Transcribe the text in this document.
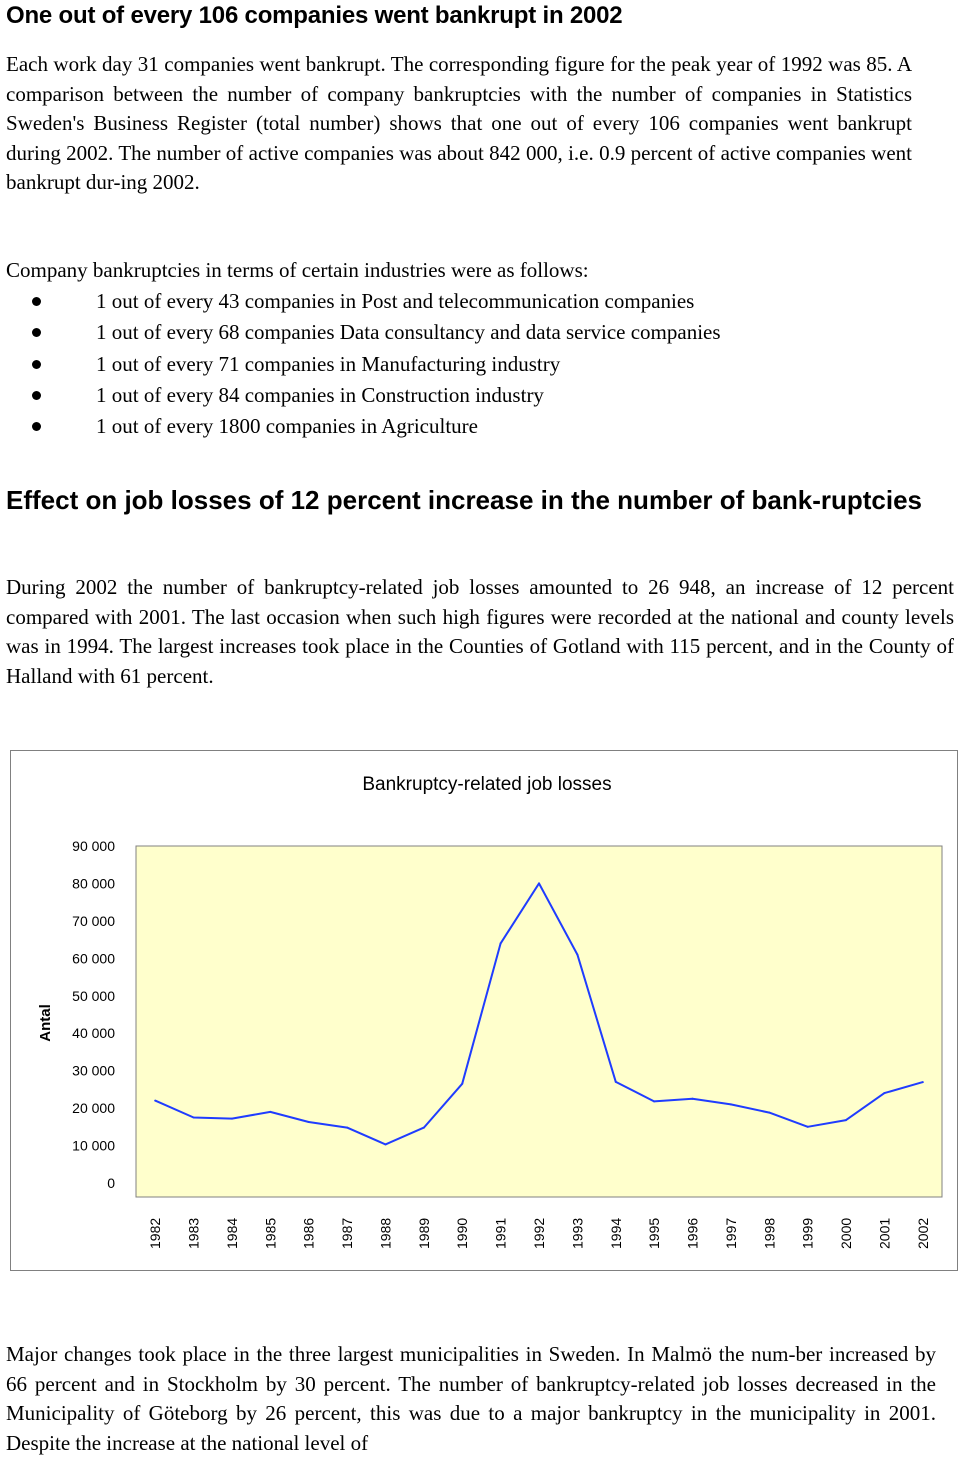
One out of every 106 companies went bankrupt in 2002

Each work day 31 companies went bankrupt. The corresponding figure for the peak year of 1992 was 85. A comparison between the number of company bankruptcies with the number of companies in Statistics Sweden's Business Register (total number) shows that one out of every 106 companies went bankrupt during 2002. The number of active companies was about 842 000, i.e. 0.9 percent of active companies went bankrupt dur-ing 2002.

Company bankruptcies in terms of certain industries were as follows:

1 out of every 43 companies in Post and telecommunication companies
1 out of every 68 companies Data consultancy and data service companies
1 out of every 71 companies in Manufacturing industry
1 out of every 84 companies in Construction industry
1 out of every 1800 companies in Agriculture
Effect on job losses of 12 percent increase in the number of bank-ruptcies

During 2002 the number of bankruptcy-related job losses amounted to 26 948, an increase of 12 percent compared with 2001. The last occasion when such high figures were recorded at the national and county levels was in 1994. The largest increases took place in the Counties of Gotland with 115 percent, and in the County of Halland with 61 percent.

Bankruptcy-related job losses
0
10 000
20 000
30 000
40 000
50 000
60 000
70 000
80 000
90 000
1982 1983 1984 1985 1986 1987 1988 1989 1990 1991 1992 1993 1994 1995 1996 1997 1998 1999 2000 2001 2002
Antal

Major changes took place in the three largest municipalities in Sweden. In Malmö the num-ber increased by 66 percent and in Stockholm by 30 percent. The number of bankruptcy-related job losses decreased in the Municipality of Göteborg by 26 percent, this was due to a major bankruptcy in the municipality in 2001. Despite the increase at the national level of
